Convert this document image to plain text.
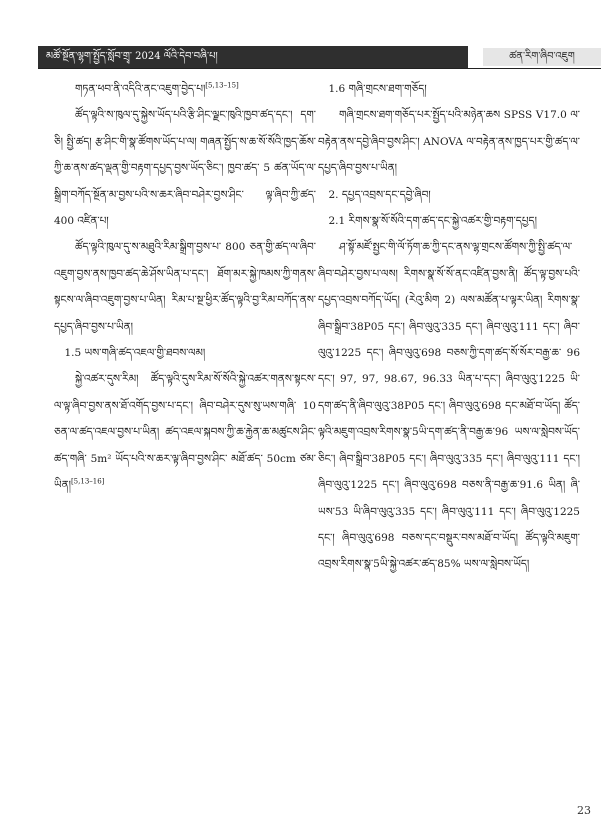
མཚོ་སྔོན་ལྷག་སྤྱོད་སློབ་གྲྭ་ 2024 ལོའི་དེབ་བཞི་པ།	ཚན་རིག་ཞིབ་འཇུག

གཏན་ཕབ་ནི་འདིའི་ནང་འཇུག་བྱེད་པ།[5,13–15]

ཚོད་ལྟའི་ས་ཁུལ་དུ་སྐྱེས་ཡོད་པའི་རྩི་ཤིང་ལྗང་ཁུའི་ཁྱབ་ཚད་དང་། དག་ཅི། སྤྱི་ཚད། རྩ་ཤིང་གི་སྣ་ཚོགས་ཡོད་པ་ལ། གཞན་སྤྱོད་ས་ཆ་སོ་སོའི་ཁྱད་ཆོས་ཀྱི་ཆ་ནས་ཚད་ལྡན་གྱི་བརྟག་དཔྱད་བྱས་ཡོད་ཅིང་། ཁྱབ་ཚད་ 5 ཚན་ཡོད་ལ་སྒྲིག་བཀོད་སྔོན་མ་བྱས་པའི་ས་ཆར་ཞིབ་བཤེར་བྱས་ཤིང་ ལྟ་ཞིབ་ཀྱི་ཚད་ 400 འཛིན་པ།

ཚོད་ལྟའི་ཁུལ་དུ་ས་མཐུའི་རིམ་སྒྲིག་བྱས་པ་ 800 ཅན་གྱི་ཚད་ལ་ཞིབ་འཇུག་བྱས་ནས་ཁྱབ་ཚད་ཆེ་ཤོས་ཡིན་པ་དང་། ཐོག་མར་སྐྱེ་ཁམས་ཀྱི་གནས་སྟངས་ལ་ཞིབ་འཇུག་བྱས་པ་ཡིན། རིམ་པ་སྔ་ཕྱིར་ཚོད་ལྟའི་བྱ་རིམ་བཀོད་ནས་དཔྱད་ཞིབ་བྱས་པ་ཡིན།

1.5 ཡས་གཞི་ཚད་འཇལ་གྱི་ཐབས་ལམ།

སྐྱེ་འཚར་དུས་རིམ། ཚོད་ལྟའི་དུས་རིམ་སོ་སོའི་སྐྱེ་འཚར་གནས་སྟངས་ལ་ལྟ་ཞིབ་བྱས་ནས་ཐོ་འགོད་བྱས་པ་དང་། ཞིབ་བཤེར་དུས་སུ་ཡས་གཞི་ 10 ཅན་ལ་ཚད་འཇལ་བྱས་པ་ཡིན། ཚད་འཇལ་སྐབས་ཀྱི་ཆ་རྐྱེན་ཆ་མཚུངས་ཤིང་ཚད་གཞི་ 5m² ཡོད་པའི་ས་ཆར་ལྟ་ཞིབ་བྱས་ཤིང་ མཐོ་ཚད་ 50cm ཙམ་ཡིན།[5,13–16]

1.6 གཞི་གྲངས་ཐག་གཅོད།

གཞི་གྲངས་ཐག་གཅོད་པར་སྤྱོད་པའི་མཉེན་ཆས SPSS V17.0 ལ་བརྟེན་ནས་དབྱེ་ཞིབ་བྱས་ཤིང་། ANOVA ལ་བརྟེན་ནས་ཁྱད་པར་གྱི་ཚད་ལ་དཔྱད་ཞིབ་བྱས་པ་ཡིན།

2. དཔྱད་འབྲས་དང་དབྱེ་ཞིབ།

2.1 རིགས་སྣ་སོ་སོའི་དག་ཚད་དང་སྐྱེ་འཚར་གྱི་བརྟག་དཔྱད།

ཤ་སྟོ་མཛོ་སྤྱང་གི་ལོ་ཏོག་ཆ་ཀྱི་དང་ནས་ལྷ་གྲངས་ཚོགས་ཀྱི་སྤྱི་ཚད་ལ་ཞིབ་བཤེར་བྱས་པ་ལས། རིགས་སྣ་སོ་སོ་ནང་འཛིན་བྱས་ནི། ཚོད་ལྟ་བྱས་པའི་དཔྱད་འབྲས་བཀོད་ཡོད། (རེའུ་མིག 2) ལས་མཚོན་པ་ལྟར་ཡིན། རིགས་སྣ་ཞིབ་སྒྲིབ་38P05 དང་། ཞིབ་ལུའུ་335 དང་། ཞིབ་ལུའུ་111 དང་། ཞིབ་ལུའུ་1225 དང་། ཞིབ་ལུའུ་698 བཅས་ཀྱི་དག་ཚད་སོ་སོར་བརྒྱ་ཆ་ 96 དང་། 97, 97, 98.67, 96.33 ཡིན་པ་དང་། ཞིབ་ལུའུ་1225 ཡི་དག་ཚད་ནི་ཞིབ་ལུའུ་38P05 དང་། ཞིབ་ལུའུ་698 དང་མཐོ་བ་ཡོད། ཚོད་ལྟའི་མཇུག་འབྲས་རིགས་སྣ་5ཡི་དག་ཚད་ནི་བརྒྱ་ཆ་96 ཡས་ལ་སླེབས་ཡོད་ཅིང་། ཞིབ་སྒྲིབ་38P05 དང་། ཞིབ་ལུའུ་335 དང་། ཞིབ་ལུའུ་111 དང་། ཞིབ་ལུའུ་1225 དང་། ཞིབ་ལུའུ་698 བཅས་ནི་བརྒྱ་ཆ་91.6 ཡིན། ཞི་ཡས་53 ཡི་ཞིབ་ལུའུ་335 དང་། ཞིབ་ལུའུ་111 དང་། ཞིབ་ལུའུ་1225 དང་། ཞིབ་ལུའུ་698 བཅས་དང་བསྡུར་བས་མཐོ་བ་ཡོད། ཚོད་ལྟའི་མཇུག་འབྲས་རིགས་སྣ་5ཡི་སྐྱེ་འཚར་ཚད་85% ཡས་ལ་སླེབས་ཡོད།

23
